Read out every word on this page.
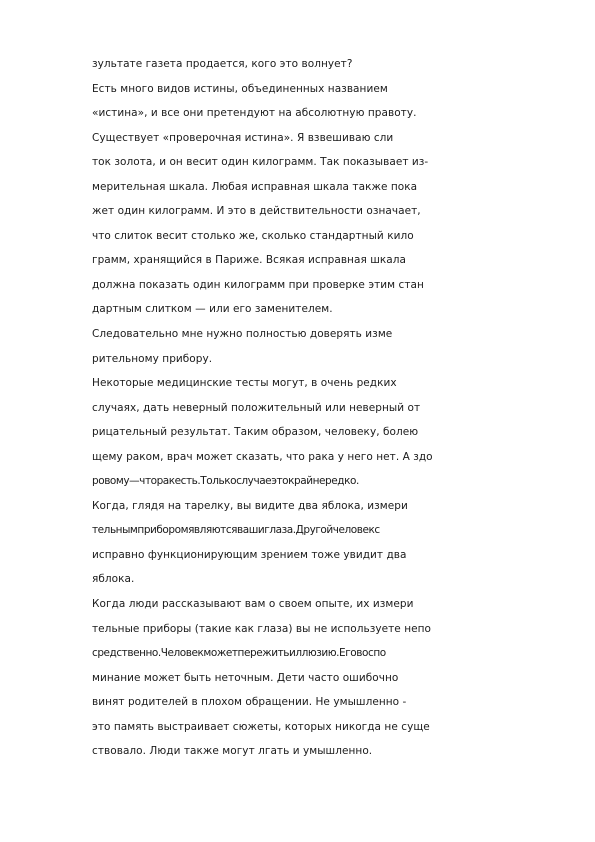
зультате газета продается, кого это волнует?
Есть много видов истины, объединенных названием
«истина», и все они претендуют на абсолютную правоту.
Существует «проверочная истина». Я взвешиваю сли
ток золота, и он весит один килограмм. Так показывает из-
мерительная шкала. Любая исправная шкала также пока
жет один килограмм. И это в действительности означает,
что слиток весит столько же, сколько стандартный кило
грамм, хранящийся в Париже. Всякая исправная шкала
должна показать один килограмм при проверке этим стан
дартным слитком — или его заменителем.
Следовательно мне нужно полностью доверять изме
рительному прибору.
Некоторые медицинские тесты могут, в очень редких
случаях, дать неверный положительный или неверный от
рицательный результат. Таким образом, человеку, болею
щему раком, врач может сказать, что рака у него нет. А здо
ровому—чторакесть.Толькослучаеэтокрайнередко.
Когда, глядя на тарелку, вы видите два яблока, измери
тельнымприборомявляютсявашиглаза.Другойчеловекс
исправно функционирующим зрением тоже увидит два
яблока.
Когда люди рассказывают вам о своем опыте, их измери
тельные приборы (такие как глаза) вы не используете непо
средственно.Человекможетпережитьиллюзию.Еговоспо
минание может быть неточным. Дети часто ошибочно
винят родителей в плохом обращении. Не умышленно -
это память выстраивает сюжеты, которых никогда не суще
ствовало. Люди также могут лгать и умышленно.
